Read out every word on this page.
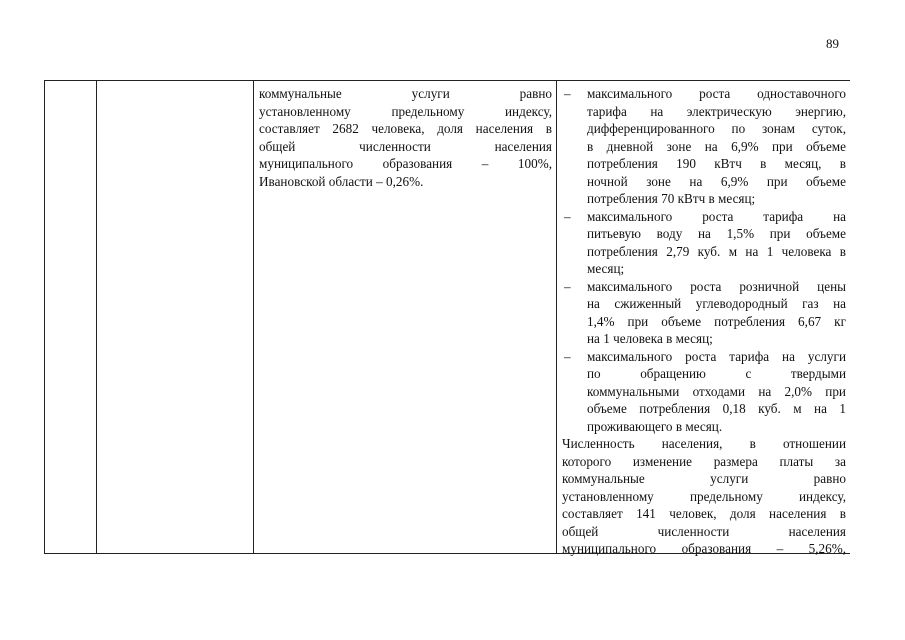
89
коммунальные услуги равно
установленному предельному индексу,
составляет 2682 человека, доля населения в
общей численности населения
муниципального образования – 100%,
Ивановской области – 0,26%.
– максимального роста одноставочного
тарифа на электрическую энергию,
дифференцированного по зонам суток,
в дневной зоне на 6,9% при объеме
потребления 190 кВтч в месяц, в
ночной зоне на 6,9% при объеме
потребления 70 кВтч в месяц;
– максимального роста тарифа на
питьевую воду на 1,5% при объеме
потребления 2,79 куб. м на 1 человека в
месяц;
– максимального роста розничной цены
на сжиженный углеводородный газ на
1,4% при объеме потребления 6,67 кг
на 1 человека в месяц;
– максимального роста тарифа на услуги
по обращению с твердыми
коммунальными отходами на 2,0% при
объеме потребления 0,18 куб. м на 1
проживающего в месяц.
Численность населения, в отношении
которого изменение размера платы за
коммунальные услуги равно
установленному предельному индексу,
составляет 141 человек, доля населения в
общей численности населения
муниципального образования – 5,26%,
